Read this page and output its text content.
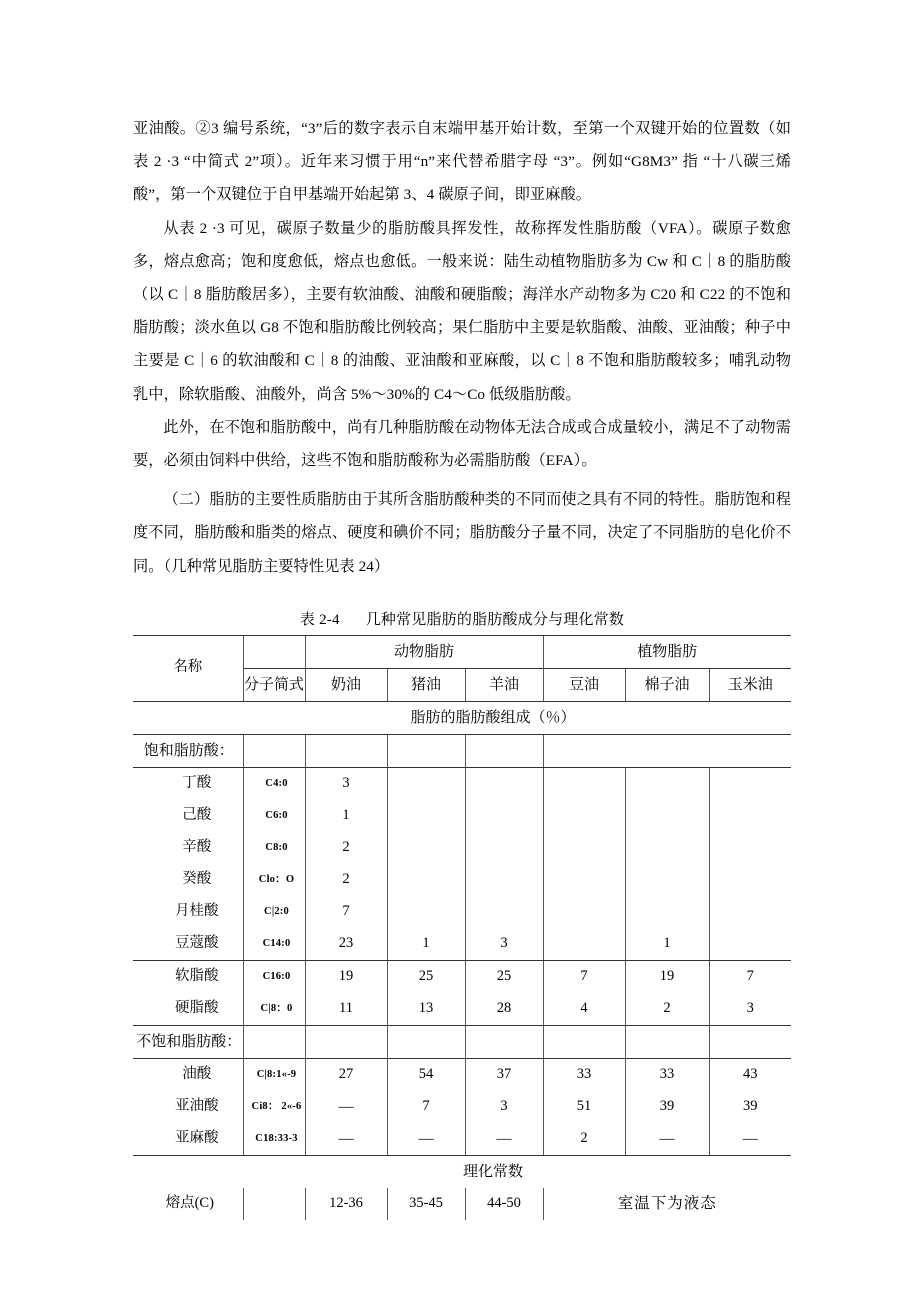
亚油酸。②3 编号系统，“3”后的数字表示自末端甲基开始计数，至第一个双键开始的位置数（如表 2 ·3 “中简式 2”项）。近年来习惯于用“n”来代替希腊字母 “3”。例如“G8M3” 指 “十八碳三烯酸”，第一个双键位于自甲基端开始起第 3、4 碳原子间，即亚麻酸。

从表 2 ·3 可见，碳原子数量少的脂肪酸具挥发性，故称挥发性脂肪酸（VFA）。碳原子数愈多，熔点愈高；饱和度愈低，熔点也愈低。一般来说：陆生动植物脂肪多为 Cw 和 C｜8 的脂肪酸（以 C｜8 脂肪酸居多），主要有软油酸、油酸和硬脂酸；海洋水产动物多为 C20 和 C22 的不饱和脂肪酸；淡水鱼以 G8 不饱和脂肪酸比例较高；果仁脂肪中主要是软脂酸、油酸、亚油酸；种子中主要是 C｜6 的软油酸和 C｜8 的油酸、亚油酸和亚麻酸，以 C｜8 不饱和脂肪酸较多；哺乳动物乳中，除软脂酸、油酸外，尚含 5%～30%的 C4～Co 低级脂肪酸。

此外，在不饱和脂肪酸中，尚有几种脂肪酸在动物体无法合成或合成量较小，满足不了动物需要，必须由饲料中供给，这些不饱和脂肪酸称为必需脂肪酸（EFA）。

（二）脂肪的主要性质脂肪由于其所含脂肪酸种类的不同而使之具有不同的特性。脂肪饱和程度不同，脂肪酸和脂类的熔点、硬度和碘价不同；脂肪酸分子量不同，决定了不同脂肪的皂化价不同。（几种常见脂肪主要特性见表 24）

表 2-4 几种常见脂肪的脂肪酸成分与理化常数
名称		动物脂肪			植物脂肪		
	分子简式	奶油	猪油	羊油	豆油	棉子油	玉米油
脂肪的脂肪酸组成（％）							
饱和脂肪酸：							
丁酸	C4:0	3					
己酸	C6:0	1					
辛酸	C8:0	2					
癸酸	Clo：O	2					
月桂酸	C|2:0	7					
豆蔻酸	C14:0	23	1	3		1	
软脂酸	C16:0	19	25	25	7	19	7
硬脂酸	C|8：0	11	13	28	4	2	3
不饱和脂肪酸：							
油酸	C|8:1«-9	27	54	37	33	33	43
亚油酸	Ci8： 2«-6	—	7	3	51	39	39
亚麻酸	C18:33-3	—	—	—	2	—	—
理化常数							
熔点(C)		12-36	35-45	44-50	室温下为液态		
